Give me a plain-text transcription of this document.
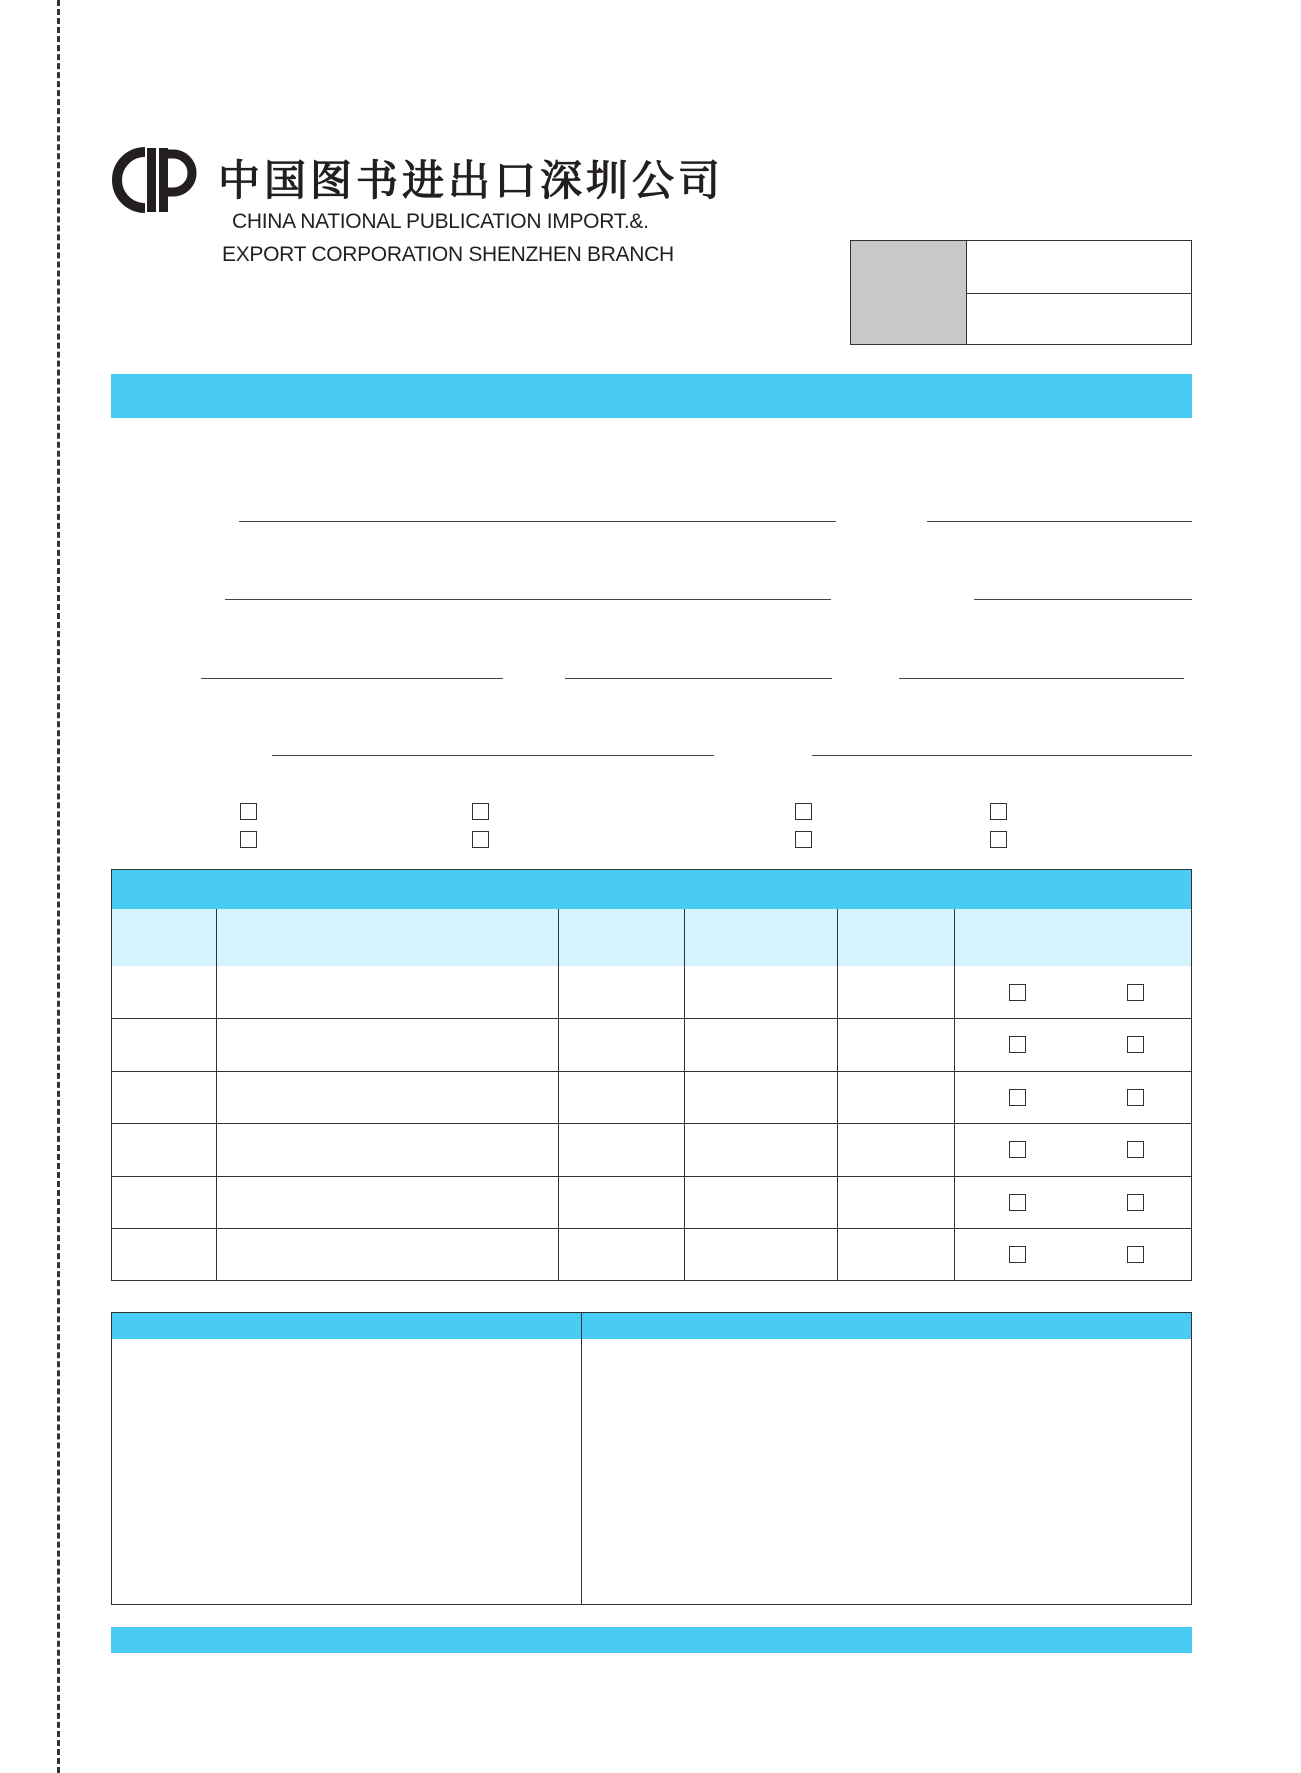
中国图书进出口深圳公司
CHINA NATIONAL PUBLICATION IMPORT.&.
EXPORT CORPORATION SHENZHEN BRANCH
